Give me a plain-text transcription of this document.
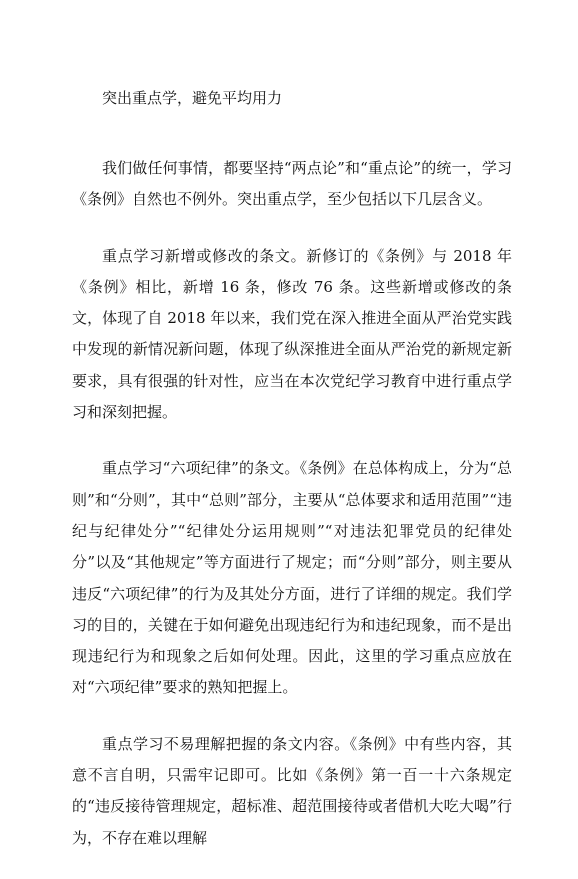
突出重点学，避免平均用力

我们做任何事情，都要坚持“两点论”和“重点论”的统一，学习《条例》自然也不例外。突出重点学，至少包括以下几层含义。

重点学习新增或修改的条文。新修订的《条例》与 2018 年《条例》相比，新增 16 条，修改 76 条。这些新增或修改的条文，体现了自 2018 年以来，我们党在深入推进全面从严治党实践中发现的新情况新问题，体现了纵深推进全面从严治党的新规定新要求，具有很强的针对性，应当在本次党纪学习教育中进行重点学习和深刻把握。

重点学习“六项纪律”的条文。《条例》在总体构成上，分为“总则”和“分则”，其中“总则”部分，主要从“总体要求和适用范围”“违纪与纪律处分”“纪律处分运用规则”“对违法犯罪党员的纪律处分”以及“其他规定”等方面进行了规定；而“分则”部分，则主要从违反“六项纪律”的行为及其处分方面，进行了详细的规定。我们学习的目的，关键在于如何避免出现违纪行为和违纪现象，而不是出现违纪行为和现象之后如何处理。因此，这里的学习重点应放在对“六项纪律”要求的熟知把握上。

重点学习不易理解把握的条文内容。《条例》中有些内容，其意不言自明，只需牢记即可。比如《条例》第一百一十六条规定的“违反接待管理规定，超标准、超范围接待或者借机大吃大喝”行为，不存在难以理解
